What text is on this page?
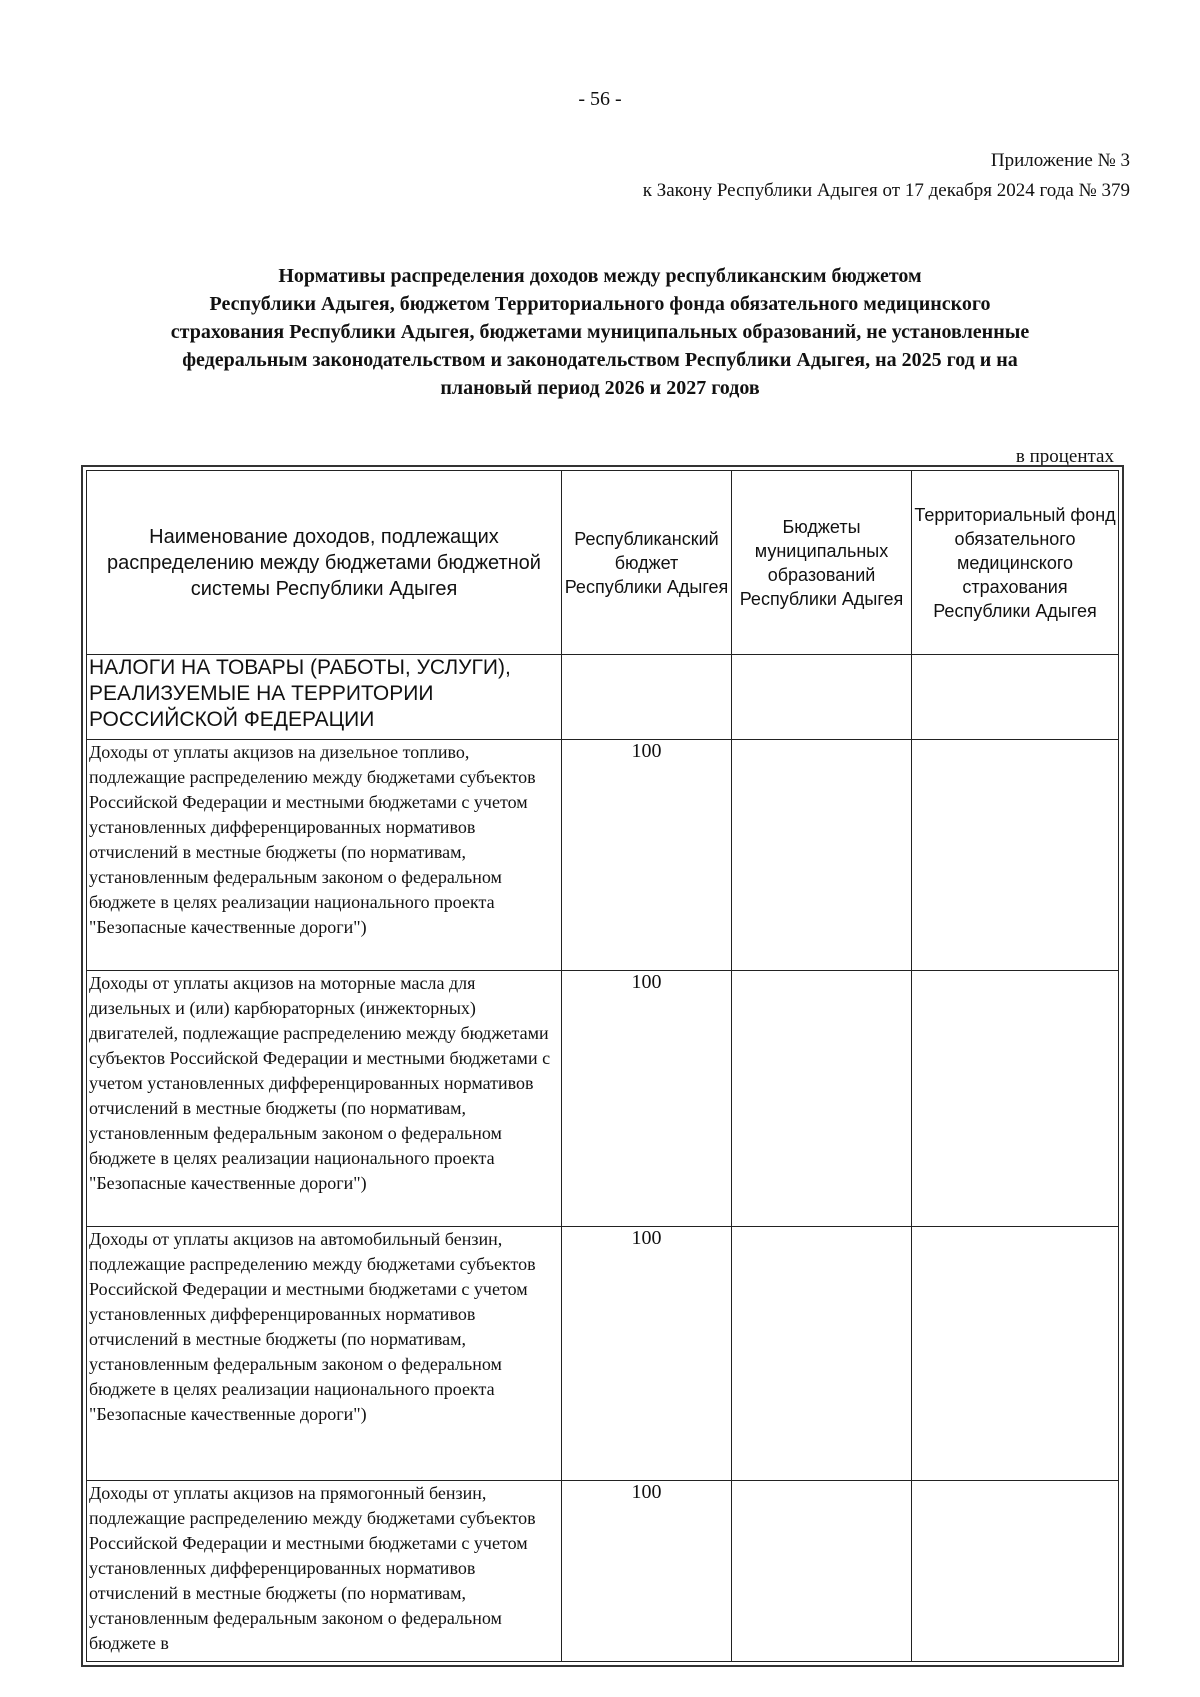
- 56 -
Приложение № 3
к Закону Республики Адыгея от 17 декабря 2024 года № 379
Нормативы распределения доходов между республиканским бюджетом
Республики Адыгея, бюджетом Территориального фонда обязательного медицинского
страхования Республики Адыгея, бюджетами муниципальных образований, не установленные
федеральным законодательством и законодательством Республики Адыгея, на 2025 год и на
плановый период 2026 и 2027 годов
в процентах
Наименование доходов, подлежащих распределению между бюджетами бюджетной системы Республики Адыгея	Республиканский бюджет Республики Адыгея	Бюджеты муниципальных образований Республики Адыгея	Территориальный фонд обязательного медицинского страхования Республики Адыгея
НАЛОГИ НА ТОВАРЫ (РАБОТЫ, УСЛУГИ), РЕАЛИЗУЕМЫЕ НА ТЕРРИТОРИИ РОССИЙСКОЙ ФЕДЕРАЦИИ			
Доходы от уплаты акцизов на дизельное топливо, подлежащие распределению между бюджетами субъектов Российской Федерации и местными бюджетами с учетом установленных дифференцированных нормативов отчислений в местные бюджеты (по нормативам, установленным федеральным законом о федеральном бюджете в целях реализации национального проекта "Безопасные качественные дороги")	100		
Доходы от уплаты акцизов на моторные масла для дизельных и (или) карбюраторных (инжекторных) двигателей, подлежащие распределению между бюджетами субъектов Российской Федерации и местными бюджетами с учетом установленных дифференцированных нормативов отчислений в местные бюджеты (по нормативам, установленным федеральным законом о федеральном бюджете в целях реализации национального проекта "Безопасные качественные дороги")	100		
Доходы от уплаты акцизов на автомобильный бензин, подлежащие распределению между бюджетами субъектов Российской Федерации и местными бюджетами с учетом установленных дифференцированных нормативов отчислений в местные бюджеты (по нормативам, установленным федеральным законом о федеральном бюджете в целях реализации национального проекта "Безопасные качественные дороги")	100		
Доходы от уплаты акцизов на прямогонный бензин, подлежащие распределению между бюджетами субъектов Российской Федерации и местными бюджетами с учетом установленных дифференцированных нормативов отчислений в местные бюджеты (по нормативам, установленным федеральным законом о федеральном бюджете в	100		
